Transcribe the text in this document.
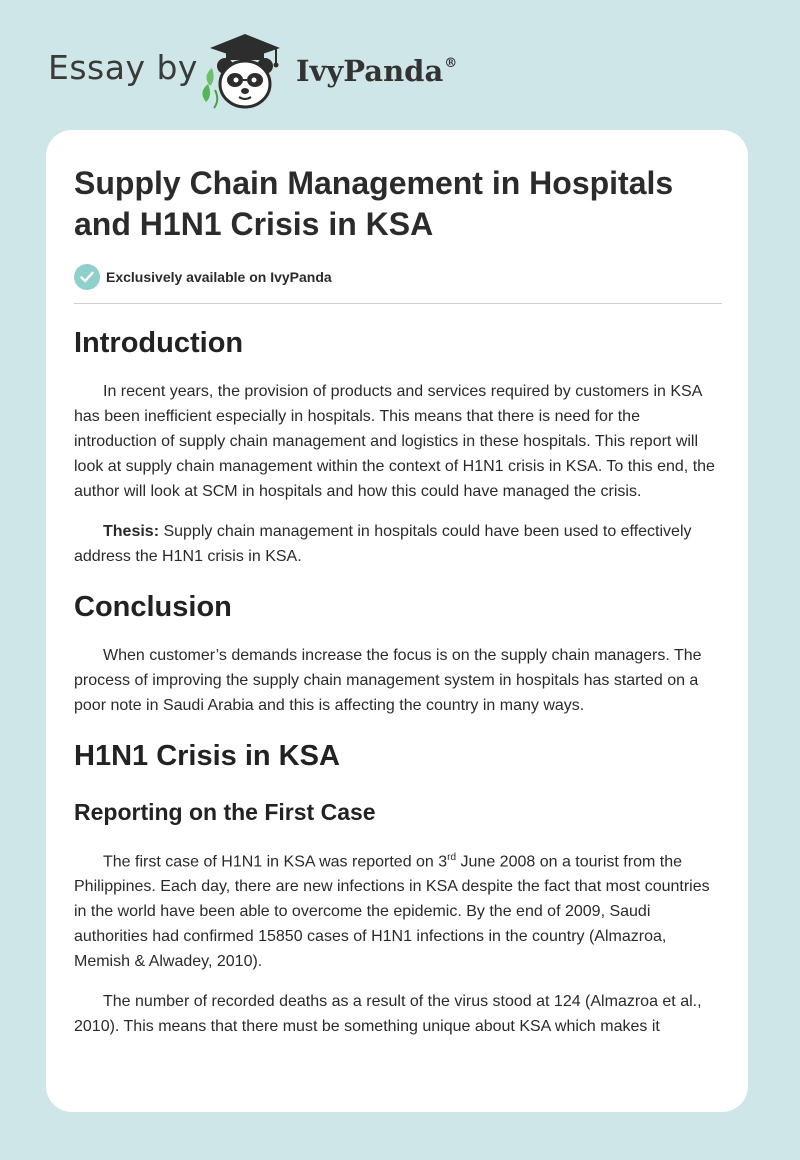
Essay by	IvyPanda®
Supply Chain Management in Hospitals and H1N1 Crisis in KSA
Exclusively available on IvyPanda
Introduction

In recent years, the provision of products and services required by customers in KSA has been inefficient especially in hospitals. This means that there is need for the introduction of supply chain management and logistics in these hospitals. This report will look at supply chain management within the context of H1N1 crisis in KSA. To this end, the author will look at SCM in hospitals and how this could have managed the crisis.

Thesis: Supply chain management in hospitals could have been used to effectively address the H1N1 crisis in KSA.

Conclusion

When customer’s demands increase the focus is on the supply chain managers. The process of improving the supply chain management system in hospitals has started on a poor note in Saudi Arabia and this is affecting the country in many ways.

H1N1 Crisis in KSA
Reporting on the First Case

The first case of H1N1 in KSA was reported on 3rd June 2008 on a tourist from the Philippines. Each day, there are new infections in KSA despite the fact that most countries in the world have been able to overcome the epidemic. By the end of 2009, Saudi authorities had confirmed 15850 cases of H1N1 infections in the country (Almazroa, Memish & Alwadey, 2010).

The number of recorded deaths as a result of the virus stood at 124 (Almazroa et al., 2010). This means that there must be something unique about KSA which makes it
